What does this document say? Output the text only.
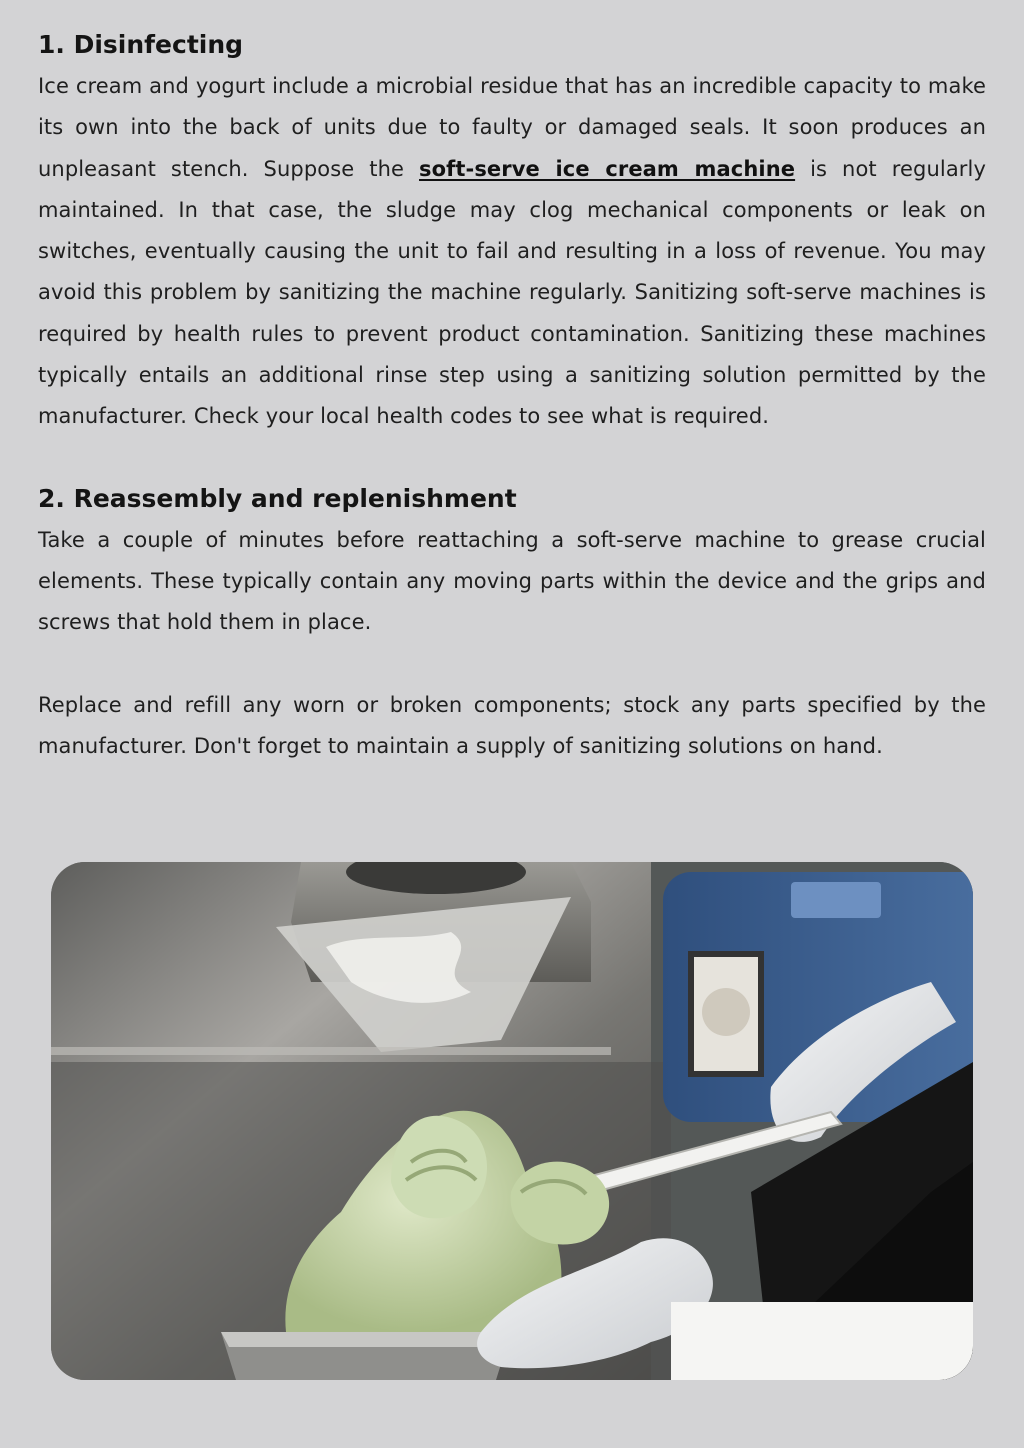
1. Disinfecting

Ice cream and yogurt include a microbial residue that has an incredible capacity to make its own into the back of units due to faulty or damaged seals. It soon produces an unpleasant stench. Suppose the soft-serve ice cream machine is not regularly maintained. In that case, the sludge may clog mechanical components or leak on switches, eventually causing the unit to fail and resulting in a loss of revenue. You may avoid this problem by sanitizing the machine regularly. Sanitizing soft-serve machines is required by health rules to prevent product contamination. Sanitizing these machines typically entails an additional rinse step using a sanitizing solution permitted by the manufacturer. Check your local health codes to see what is required.

2. Reassembly and replenishment

Take a couple of minutes before reattaching a soft-serve machine to grease crucial elements. These typically contain any moving parts within the device and the grips and screws that hold them in place.

Replace and refill any worn or broken components; stock any parts specified by the manufacturer. Don't forget to maintain a supply of sanitizing solutions on hand.
